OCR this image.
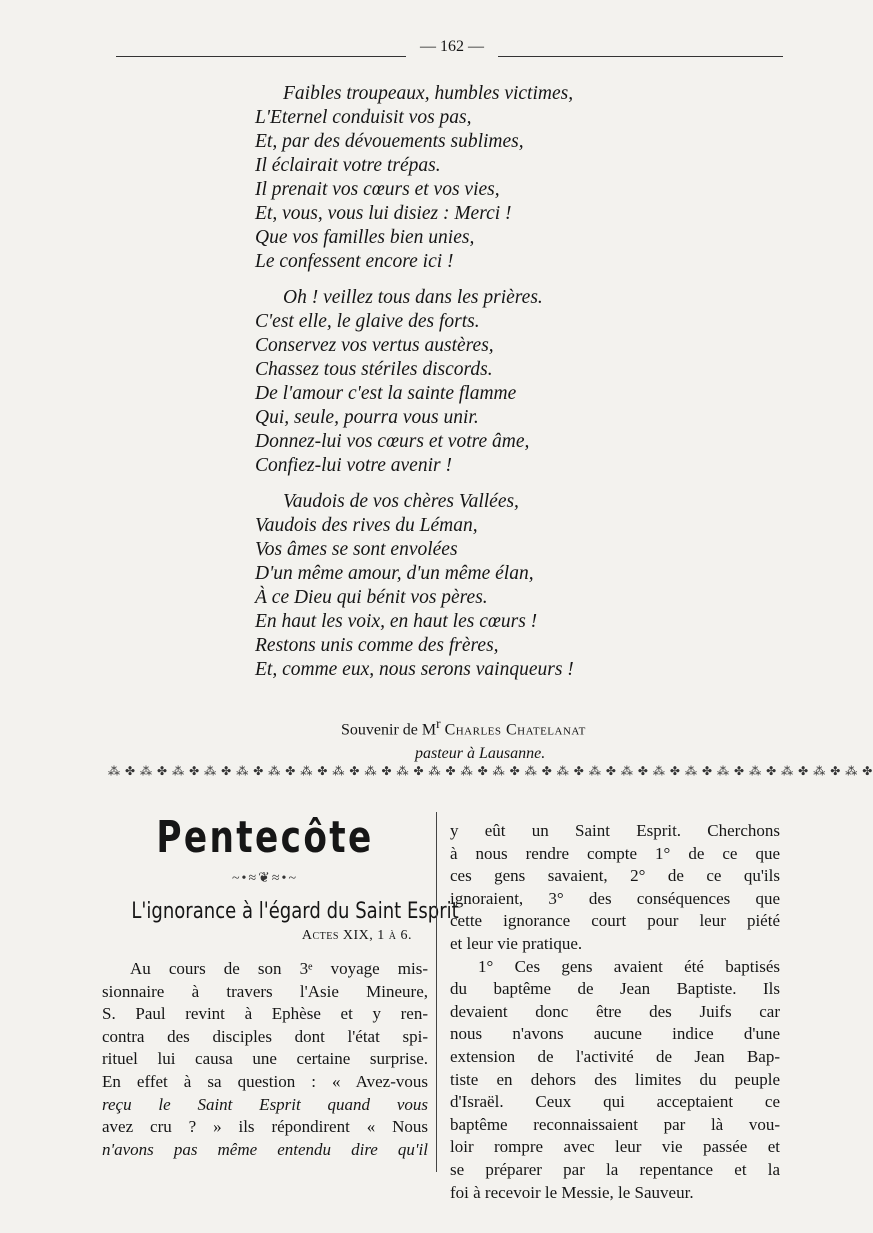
— 162 —
Faibles troupeaux, humbles victimes,
L'Eternel conduisit vos pas,
Et, par des dévouements sublimes,
Il éclairait votre trépas.
Il prenait vos cœurs et vos vies,
Et, vous, vous lui disiez : Merci !
Que vos familles bien unies,
Le confessent encore ici !
Oh ! veillez tous dans les prières.
C'est elle, le glaive des forts.
Conservez vos vertus austères,
Chassez tous stériles discords.
De l'amour c'est la sainte flamme
Qui, seule, pourra vous unir.
Donnez-lui vos cœurs et votre âme,
Confiez-lui votre avenir !
Vaudois de vos chères Vallées,
Vaudois des rives du Léman,
Vos âmes se sont envolées
D'un même amour, d'un même élan,
À ce Dieu qui bénit vos pères.
En haut les voix, en haut les cœurs !
Restons unis comme des frères,
Et, comme eux, nous serons vainqueurs !
Souvenir de $M^r$ Charles Chatelanat
pasteur à Lausanne.
⁂ ✤ ⁂ ✤ ⁂ ✤ ⁂ ✤ ⁂ ✤ ⁂ ✤ ⁂ ✤ ⁂ ✤ ⁂ ✤ ⁂ ✤ ⁂ ✤ ⁂ ✤ ⁂ ✤ ⁂ ✤ ⁂ ✤ ⁂ ✤ ⁂ ✤ ⁂ ✤ ⁂ ✤ ⁂ ✤ ⁂ ✤ ⁂ ✤ ⁂ ✤ ⁂ ✤
Pentecôte
~•≈❦≈•~
L'ignorance à l'égard du Saint Esprit
Actes XIX, 1 à 6.
Au cours de son 3ᵉ voyage mis-
sionnaire à travers l'Asie Mineure,
S. Paul revint à Ephèse et y ren-
contra des disciples dont l'état spi-
rituel lui causa une certaine surprise.
En effet à sa question : « Avez-vous
reçu le Saint Esprit quand vous
avez cru ? » ils répondirent « Nous
n'avons pas même entendu dire qu'il
y eût un Saint Esprit. Cherchons
à nous rendre compte 1° de ce que
ces gens savaient, 2° de ce qu'ils
ignoraient, 3° des conséquences que
cette ignorance court pour leur piété
et leur vie pratique.
1° Ces gens avaient été baptisés
du baptême de Jean Baptiste. Ils
devaient donc être des Juifs car
nous n'avons aucune indice d'une
extension de l'activité de Jean Bap-
tiste en dehors des limites du peuple
d'Israël. Ceux qui acceptaient ce
baptême reconnaissaient par là vou-
loir rompre avec leur vie passée et
se préparer par la repentance et la
foi à recevoir le Messie, le Sauveur.
